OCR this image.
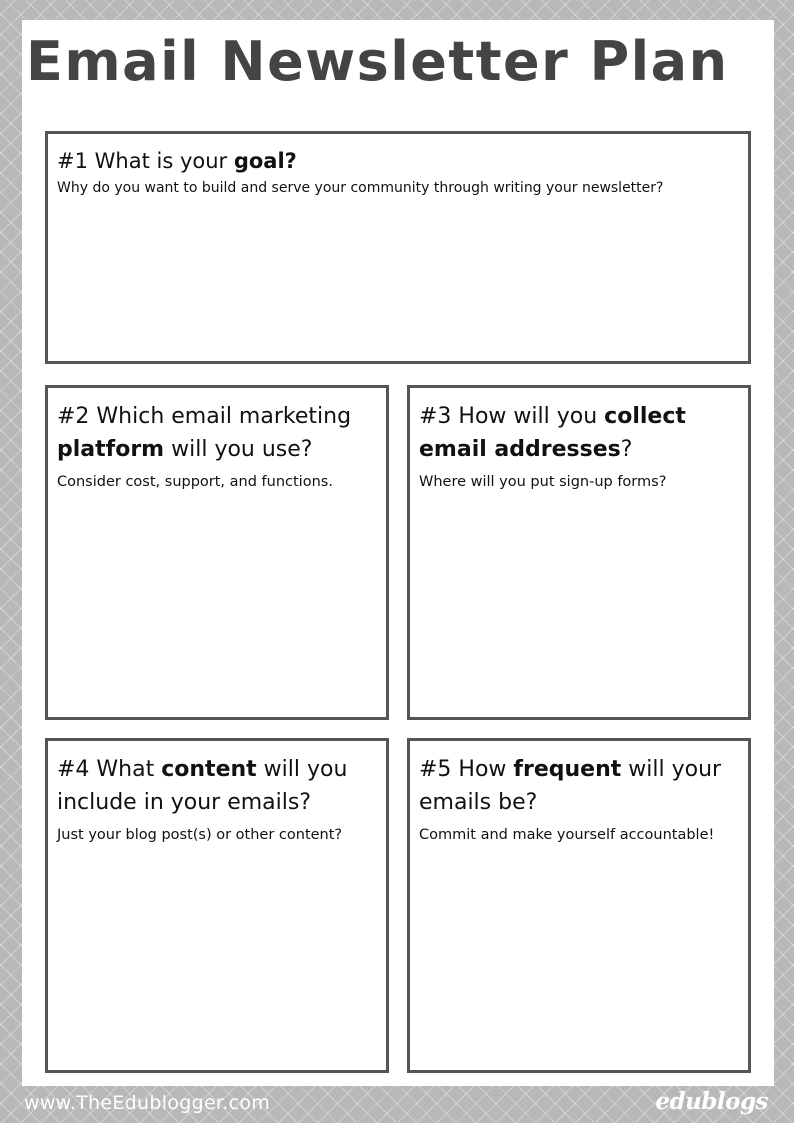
Email Newsletter Plan
#1 What is your goal?
Why do you want to build and serve your community through writing your newsletter?
#2 Which email marketing platform will you use?
Consider cost, support, and functions.
#3 How will you collect email addresses?
Where will you put sign-up forms?
#4 What content will you include in your emails?
Just your blog post(s) or other content?
#5 How frequent will your emails be?
Commit and make yourself accountable!
www.TheEdublogger.com	edublogs
